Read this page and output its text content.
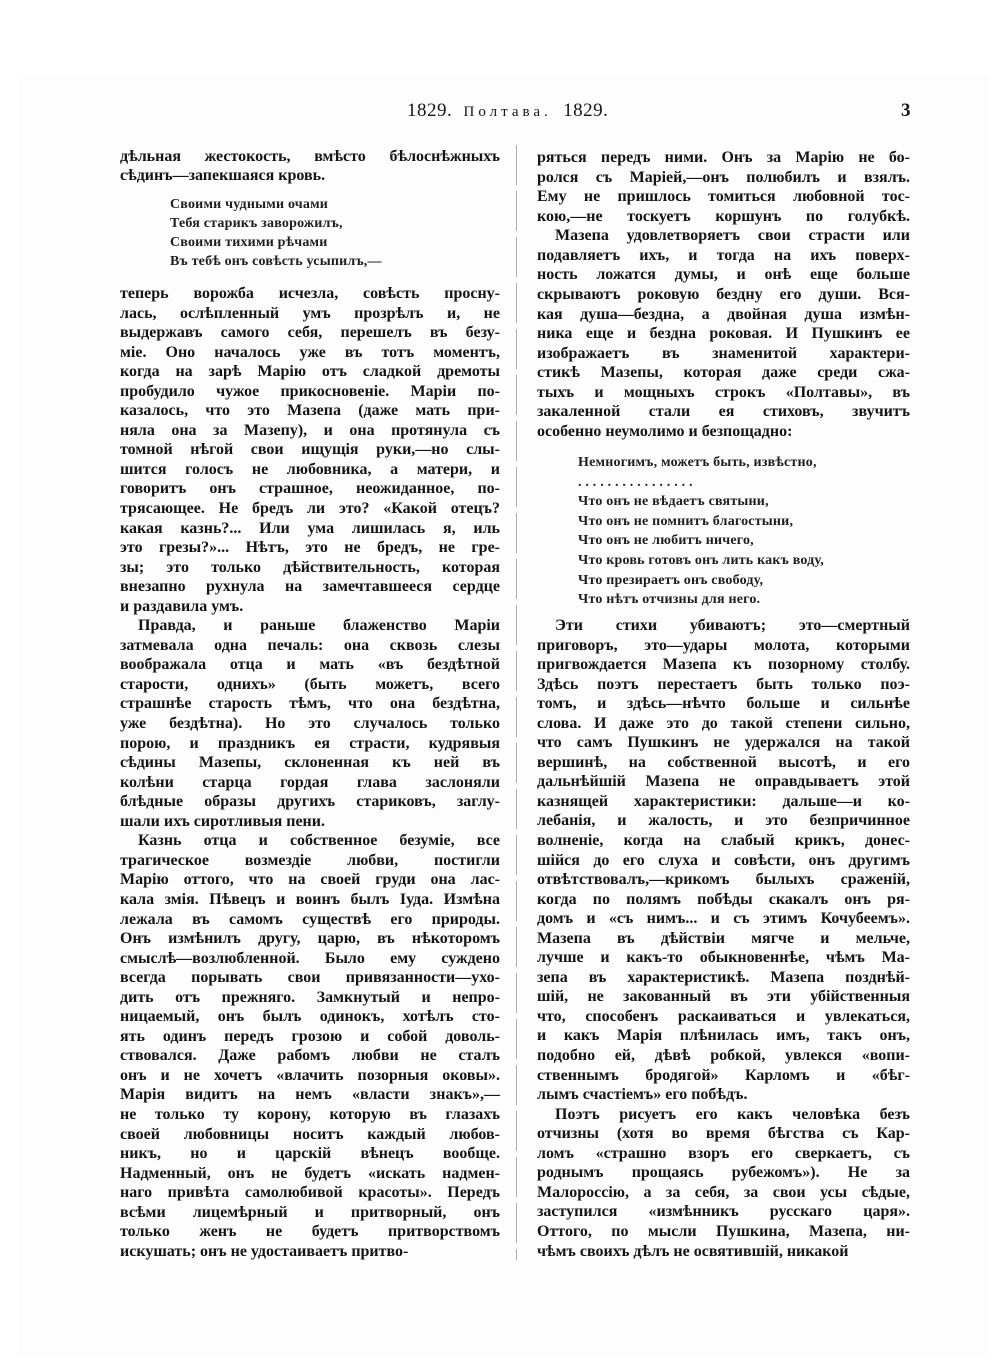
1829. Полтава. 1829.	3
дѣльная жестокость, вмѣсто бѣлоснѣжныхъ
сѣдинъ—запекшаяся кровь.
Своими чудными очами
Тебя старикъ заворожилъ,
Своими тихими рѣчами
Въ тебѣ онъ совѣсть усыпилъ,—
теперь ворожба исчезла, совѣсть просну-
лась, ослѣпленный умъ прозрѣлъ и, не
выдержавъ самого себя, перешелъ въ безу-
міе. Оно началось уже въ тотъ моментъ,
когда на зарѣ Марію отъ сладкой дремоты
пробудило чужое прикосновеніе. Маріи по-
казалось, что это Мазепа (даже мать при-
няла она за Мазепу), и она протянула съ
томной нѣгой свои ищущія руки,—но слы-
шится голосъ не любовника, а матери, и
говоритъ онъ страшное, неожиданное, по-
трясающее. Не бредъ ли это? «Какой отецъ?
какая казнь?... Или ума лишилась я, иль
это грезы?»... Нѣтъ, это не бредъ, не гре-
зы; это только дѣйствительность, которая
внезапно рухнула на замечтавшееся сердце
и раздавила умъ.
Правда, и раньше блаженство Маріи
затмевала одна печаль: она сквозь слезы
воображала отца и мать «въ бездѣтной
старости, однихъ» (быть можетъ, всего
страшнѣе старость тѣмъ, что она бездѣтна,
уже бездѣтна). Но это случалось только
порою, и праздникъ ея страсти, кудрявыя
сѣдины Мазепы, склоненная къ ней въ
колѣни старца гордая глава заслоняли
блѣдные образы другихъ стариковъ, заглу-
шали ихъ сиротливыя пени.
Казнь отца и собственное безуміе, все
трагическое возмездіе любви, постигли
Марію оттого, что на своей груди она лас-
кала змія. Пѣвецъ и воинъ былъ Іуда. Измѣна
лежала въ самомъ существѣ его природы.
Онъ измѣнилъ другу, царю, въ нѣкоторомъ
смыслѣ—возлюбленной. Было ему суждено
всегда порывать свои привязанности—ухо-
дить отъ прежняго. Замкнутый и непро-
ницаемый, онъ былъ одинокъ, хотѣлъ сто-
ять одинъ передъ грозою и собой доволь-
ствовался. Даже рабомъ любви не сталъ
онъ и не хочетъ «влачить позорныя оковы».
Марія видитъ на немъ «власти знакъ»,—
не только ту корону, которую въ глазахъ
своей любовницы носитъ каждый любов-
никъ, но и царскій вѣнецъ вообще.
Надменный, онъ не будетъ «искать надмен-
наго привѣта самолюбивой красоты». Передъ
всѣми лицемѣрный и притворный, онъ
только женъ не будетъ притворствомъ
искушать; онъ не удостаиваетъ притво-
ряться передъ ними. Онъ за Марію не бо-
ролся съ Маріей,—онъ полюбилъ и взялъ.
Ему не пришлось томиться любовной тос-
кою,—не тоскуетъ коршунъ по голубкѣ.
Мазепа удовлетворяетъ свои страсти или
подавляетъ ихъ, и тогда на ихъ поверх-
ность ложатся думы, и онѣ еще больше
скрываютъ роковую бездну его души. Вся-
кая душа—бездна, а двойная душа измѣн-
ника еще и бездна роковая. И Пушкинъ ее
изображаетъ въ знаменитой характери-
стикѣ Мазепы, которая даже среди сжа-
тыхъ и мощныхъ строкъ «Полтавы», въ
закаленной стали ея стиховъ, звучитъ
особенно неумолимо и безпощадно:
Немногимъ, можетъ быть, извѣстно,
. . . . . . . . . . . . . . . .
Что онъ не вѣдаетъ святыни,
Что онъ не помнитъ благостыни,
Что онъ не любитъ ничего,
Что кровь готовъ онъ лить какъ воду,
Что презираетъ онъ свободу,
Что нѣтъ отчизны для него.
Эти стихи убиваютъ; это—смертный
приговоръ, это—удары молота, которыми
пригвождается Мазепа къ позорному столбу.
Здѣсь поэтъ перестаетъ быть только поэ-
томъ, и здѣсь—нѣчто больше и сильнѣе
слова. И даже это до такой степени сильно,
что самъ Пушкинъ не удержался на такой
вершинѣ, на собственной высотѣ, и его
дальнѣйшій Мазепа не оправдываетъ этой
казнящей характеристики: дальше—и ко-
лебанія, и жалость, и это безпричинное
волненіе, когда на слабый крикъ, донес-
шійся до его слуха и совѣсти, онъ другимъ
отвѣтствовалъ,—крикомъ былыхъ сраженій,
когда по полямъ побѣды скакалъ онъ ря-
домъ и «съ нимъ... и съ этимъ Кочубеемъ».
Мазепа въ дѣйствіи мягче и мельче,
лучше и какъ-то обыкновеннѣе, чѣмъ Ма-
зепа въ характеристикѣ. Мазепа позднѣй-
шій, не закованный въ эти убійственныя
что, способенъ раскаиваться и увлекаться,
и какъ Марія плѣнилась имъ, такъ онъ,
подобно ей, дѣвѣ робкой, увлекся «вопи-
ственнымъ бродягой» Карломъ и «бѣг-
лымъ счастіемъ» его побѣдъ.
Поэтъ рисуетъ его какъ человѣка безъ
отчизны (хотя во время бѣгства съ Кар-
ломъ «страшно взоръ его сверкаетъ, съ
роднымъ прощаясь рубежомъ»). Не за
Малороссію, а за себя, за свои усы сѣдые,
заступился «измѣнникъ русскаго царя».
Оттого, по мысли Пушкина, Мазепа, ни-
чѣмъ своихъ дѣлъ не освятившій, никакой
